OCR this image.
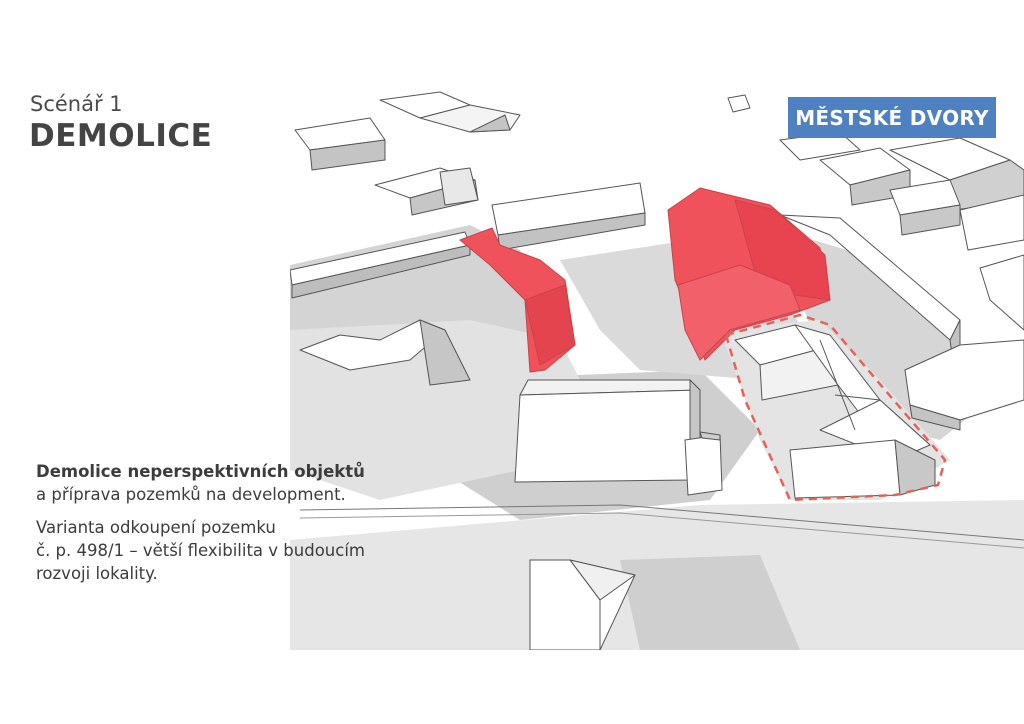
Scénář 1
DEMOLICE
MĚSTSKÉ DVORY

Demolice neperspektivních objektů
a příprava pozemků na development.

Varianta odkoupení pozemku
č. p. 498/1 – větší flexibilita v budoucím
rozvoji lokality.
